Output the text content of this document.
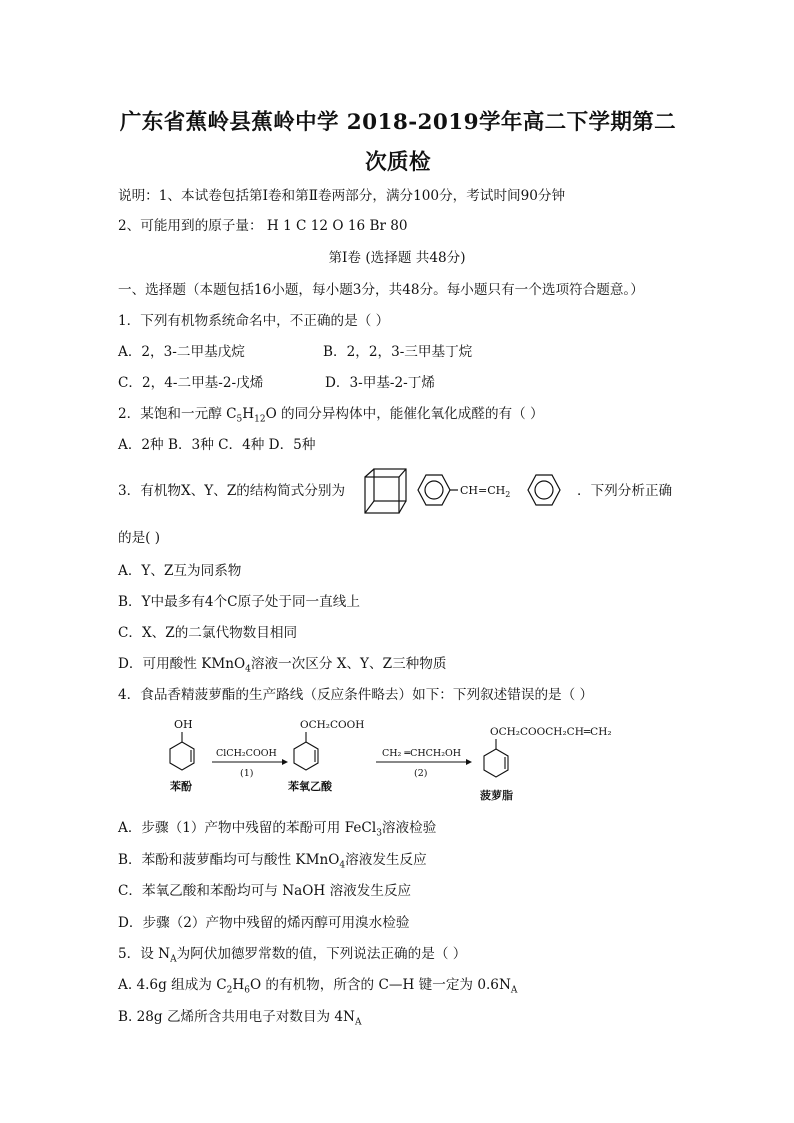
广东省蕉岭县蕉岭中学 2018-2019学年高二下学期第二次质检
说明：1、本试卷包括第Ⅰ卷和第Ⅱ卷两部分，满分100分，考试时间90分钟
2、可能用到的原子量： H 1 C 12 O 16 Br 80
第Ⅰ卷 (选择题 共48分)
一、选择题（本题包括16小题，每小题3分，共48分。每小题只有一个选项符合题意。）
1．下列有机物系统命名中，不正确的是（ ）
A．2，3-二甲基戊烷	B．2，2，3-三甲基丁烷
C．2，4-二甲基-2-戊烯	D．3-甲基-2-丁烯
2．某饱和一元醇 $C_5H_{12}O$ 的同分异构体中，能催化氧化成醛的有（ ）
A．2种 B．3种 C．4种 D．5种
3．有机物X、Y、Z的结构简式分别为	$CH=CH_2$	．下列分析正确
的是( )
A．Y、Z互为同系物
B．Y中最多有4个C原子处于同一直线上
C．X、Z的二氯代物数目相同
D．可用酸性 KMnO$_4$溶液一次区分 X、Y、Z三种物质
4．食品香精菠萝酯的生产路线（反应条件略去）如下：下列叙述错误的是（ ）
OH
苯酚
ClCH₂COOH
(1)
OCH₂COOH
苯氧乙酸
CH₂ ═CHCH₂OH
(2)
OCH₂COOCH₂CH═CH₂
菠萝脂
A．步骤（1）产物中残留的苯酚可用 FeCl$_3$溶液检验
B．苯酚和菠萝酯均可与酸性 KMnO$_4$溶液发生反应
C．苯氧乙酸和苯酚均可与 NaOH 溶液发生反应
D．步骤（2）产物中残留的烯丙醇可用溴水检验
5．设 $N_A$为阿伏加德罗常数的值，下列说法正确的是（ ）
A. 4.6g 组成为 $C_2H_6O$ 的有机物，所含的 C—H 键一定为 $0.6N_A$
B. 28g 乙烯所含共用电子对数目为 $4N_A$
